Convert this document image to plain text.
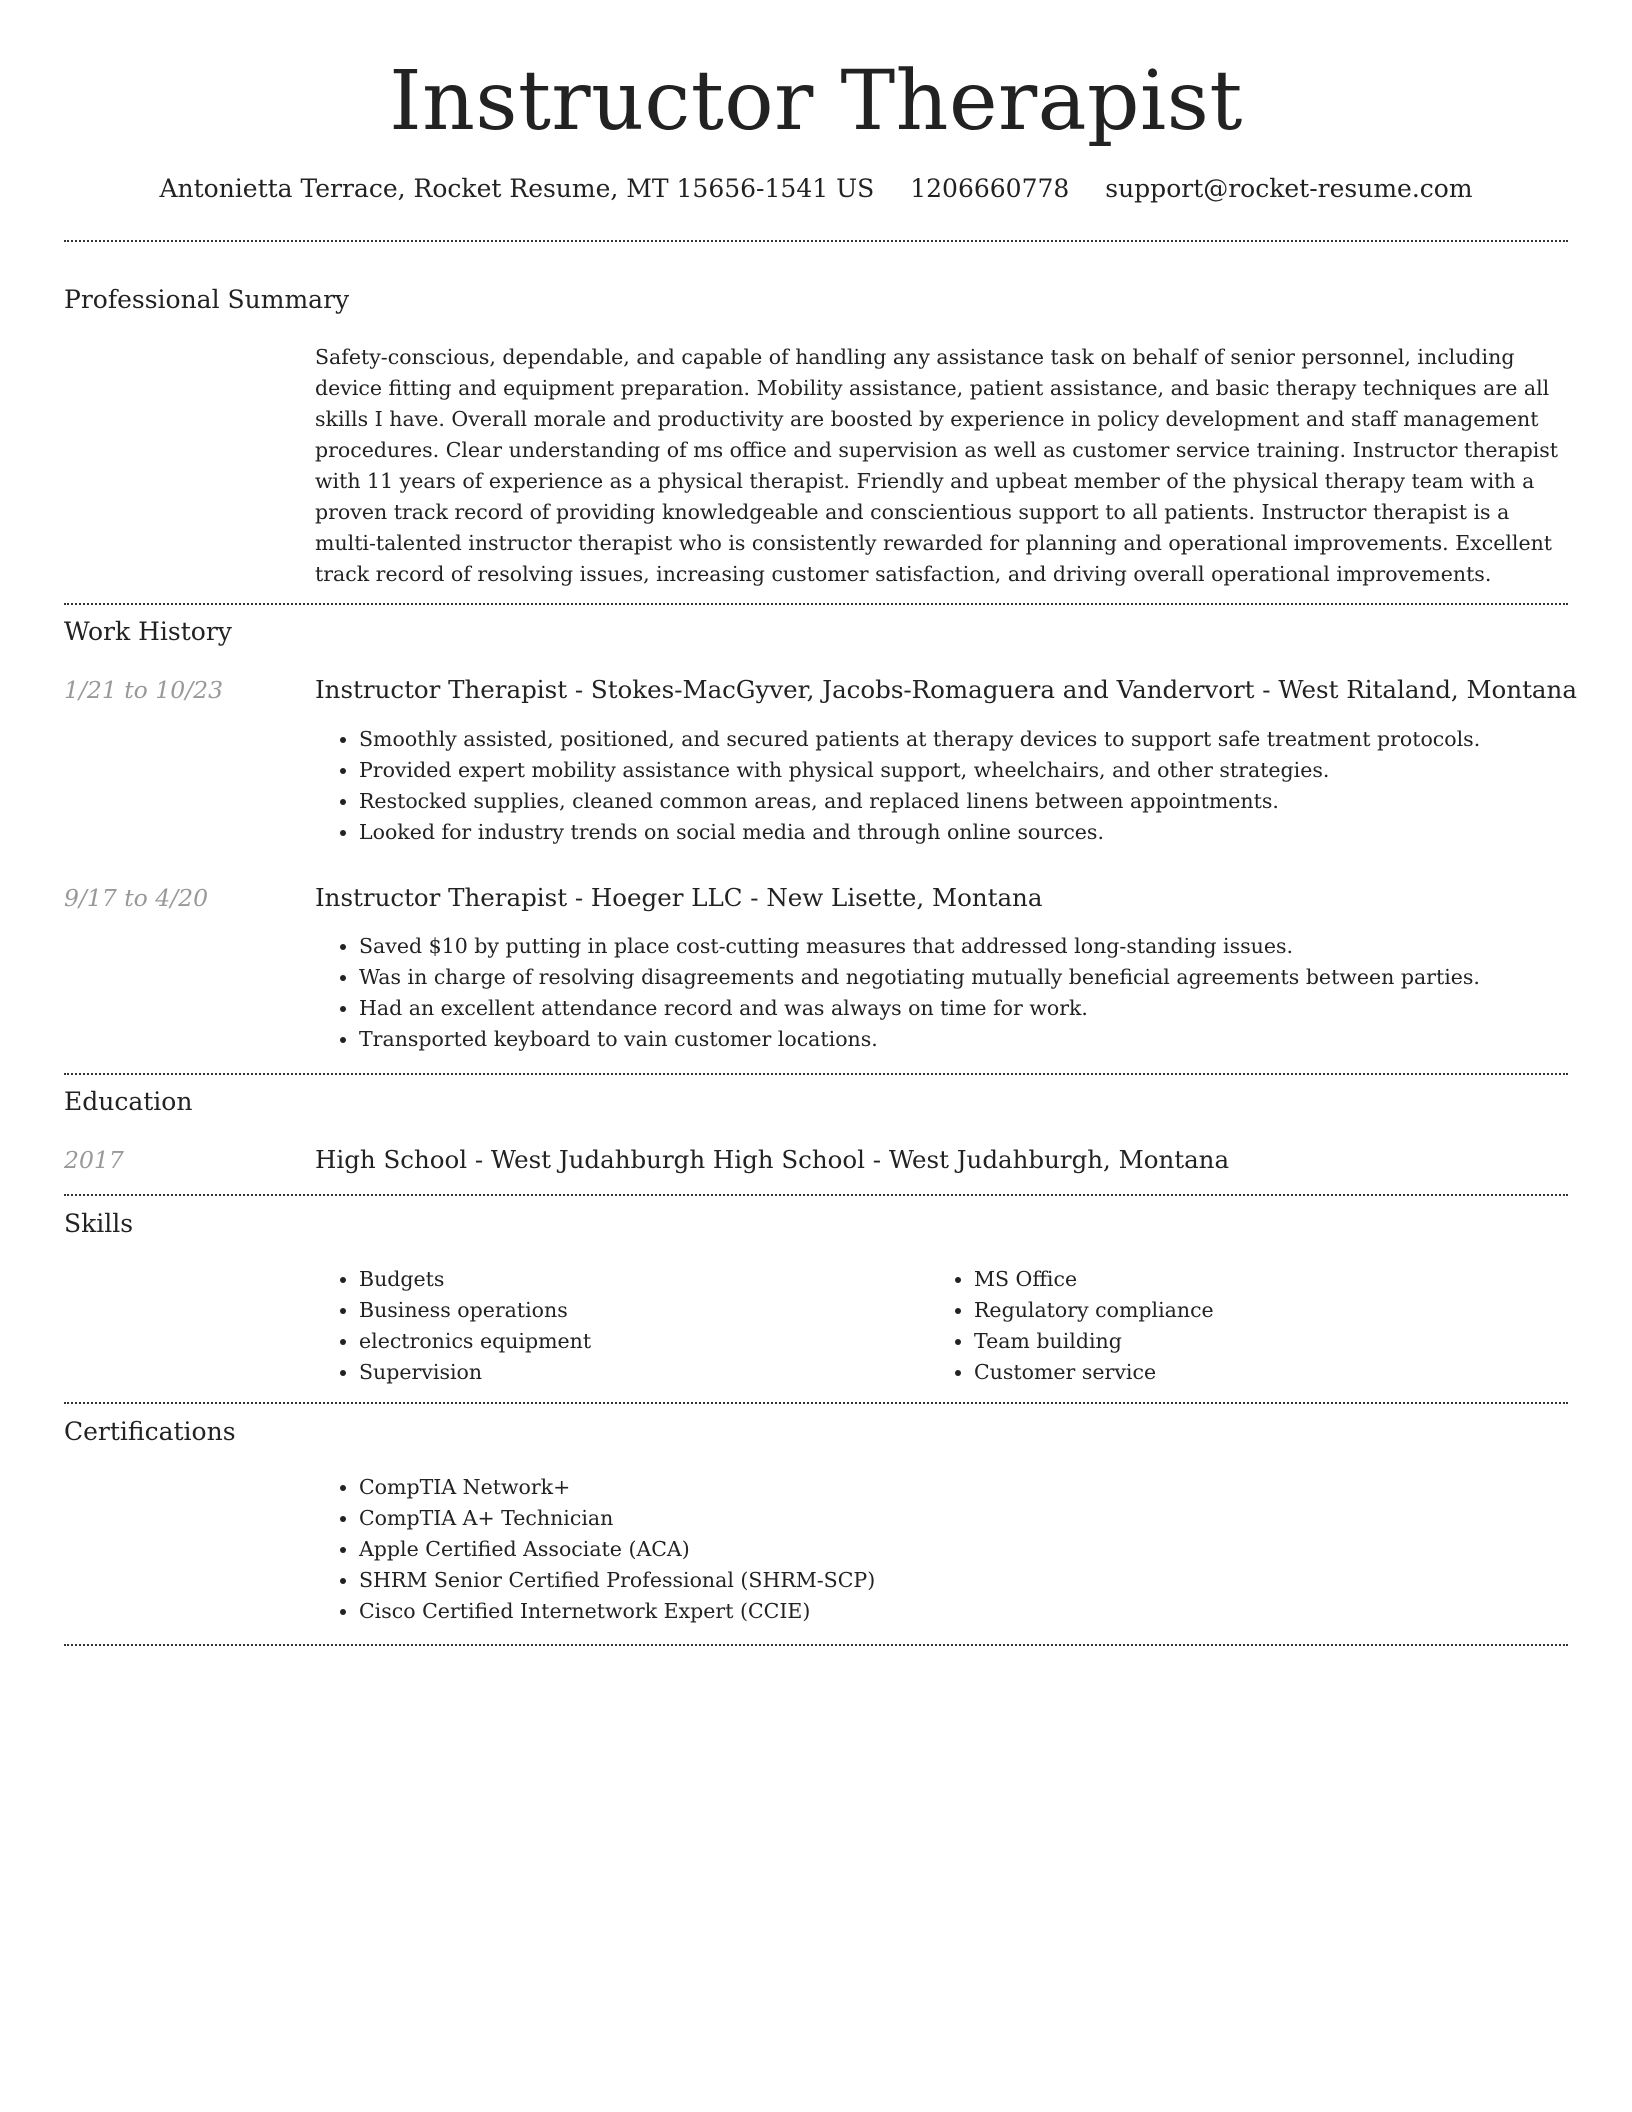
Instructor Therapist
Antonietta Terrace, Rocket Resume, MT 15656-1541 US 1206660778 support@rocket-resume.com
Professional Summary

Safety-conscious, dependable, and capable of handling any assistance task on behalf of senior personnel, including device fitting and equipment preparation. Mobility assistance, patient assistance, and basic therapy techniques are all skills I have. Overall morale and productivity are boosted by experience in policy development and staff management procedures. Clear understanding of ms office and supervision as well as customer service training. Instructor therapist with 11 years of experience as a physical therapist. Friendly and upbeat member of the physical therapy team with a proven track record of providing knowledgeable and conscientious support to all patients. Instructor therapist is a multi-talented instructor therapist who is consistently rewarded for planning and operational improvements. Excellent track record of resolving issues, increasing customer satisfaction, and driving overall operational improvements.

Work History
1/21 to 10/23	Instructor Therapist - Stokes-MacGyver, Jacobs-Romaguera and Vandervort - West Ritaland, Montana
• Smoothly assisted, positioned, and secured patients at therapy devices to support safe treatment protocols.
• Provided expert mobility assistance with physical support, wheelchairs, and other strategies.
• Restocked supplies, cleaned common areas, and replaced linens between appointments.
• Looked for industry trends on social media and through online sources.
9/17 to 4/20	Instructor Therapist - Hoeger LLC - New Lisette, Montana
• Saved $10 by putting in place cost-cutting measures that addressed long-standing issues.
• Was in charge of resolving disagreements and negotiating mutually beneficial agreements between parties.
• Had an excellent attendance record and was always on time for work.
• Transported keyboard to vain customer locations.
Education
2017	High School - West Judahburgh High School - West Judahburgh, Montana
Skills
• Budgets
• Business operations
• electronics equipment
• Supervision
• MS Office
• Regulatory compliance
• Team building
• Customer service
Certifications
• CompTIA Network+
• CompTIA A+ Technician
• Apple Certified Associate (ACA)
• SHRM Senior Certified Professional (SHRM-SCP)
• Cisco Certified Internetwork Expert (CCIE)
